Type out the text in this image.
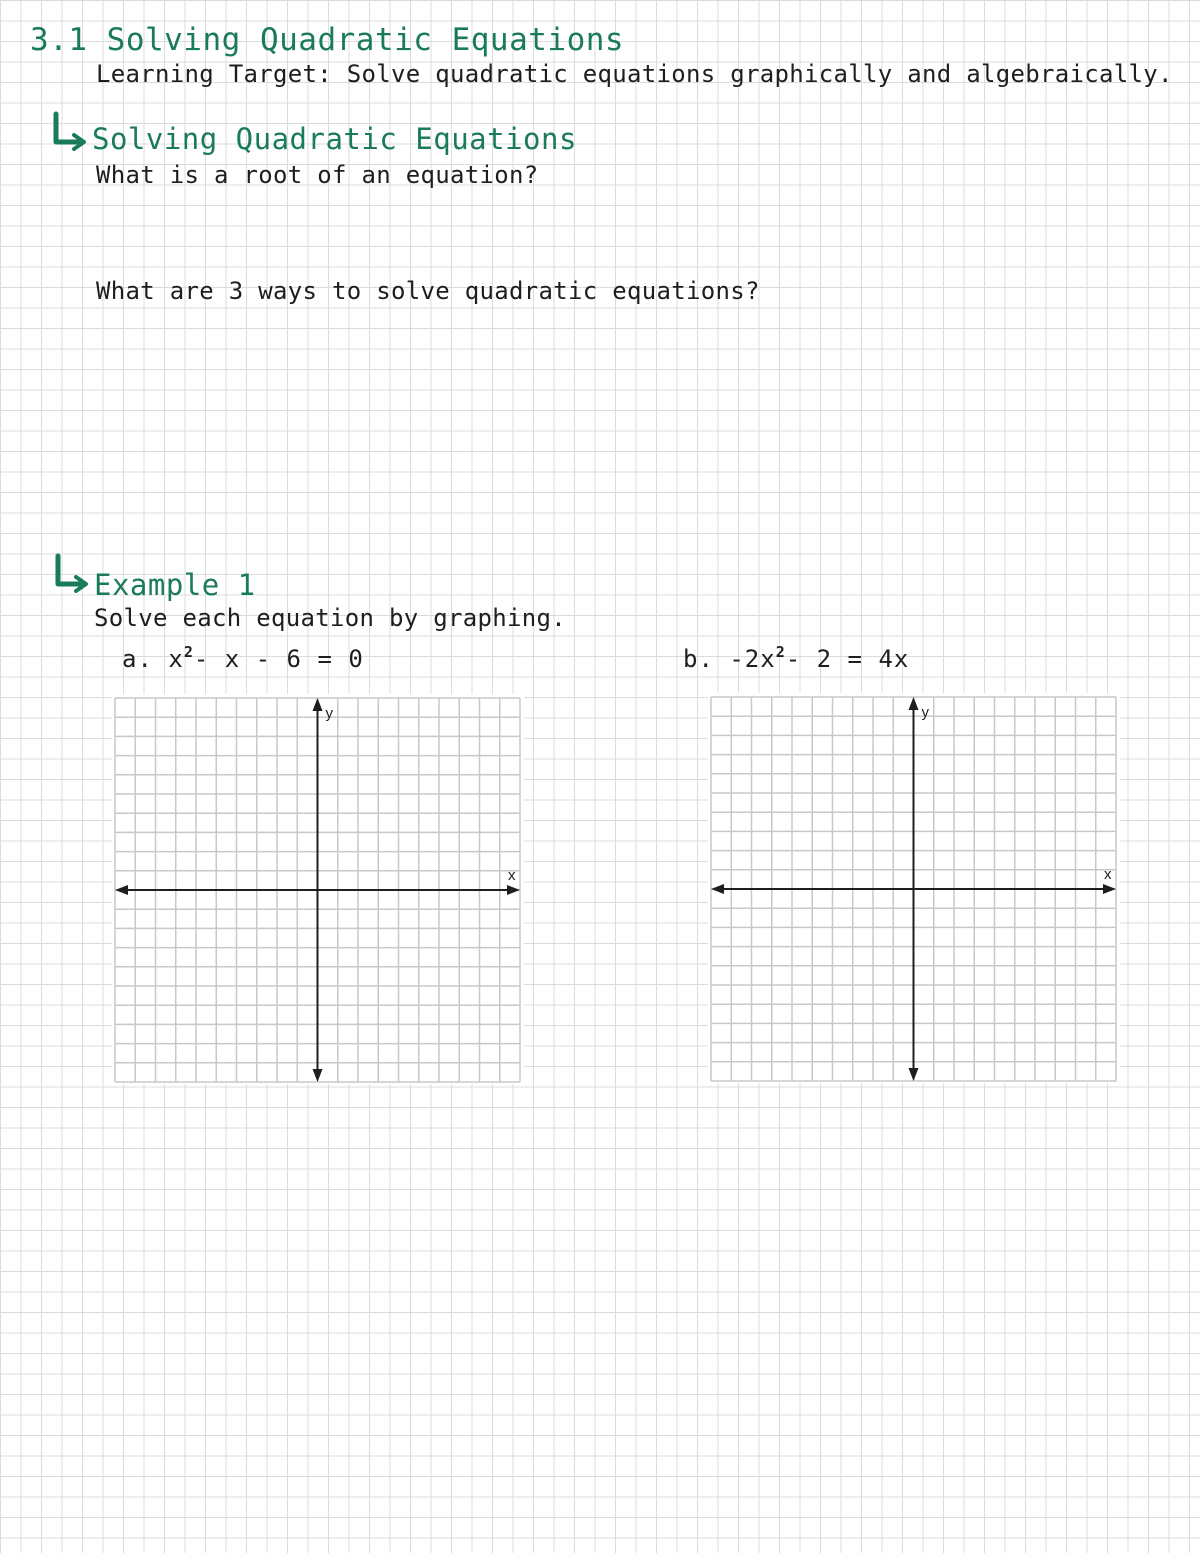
3.1 Solving Quadratic Equations
Learning Target: Solve quadratic equations graphically and algebraically.
Solving Quadratic Equations
What is a root of an equation?
What are 3 ways to solve quadratic equations?
Example 1
Solve each equation by graphing.
a. $x^2-$ x - 6 = 0	b. $-2x^2-$ 2 = 4x
x
y
x
y
